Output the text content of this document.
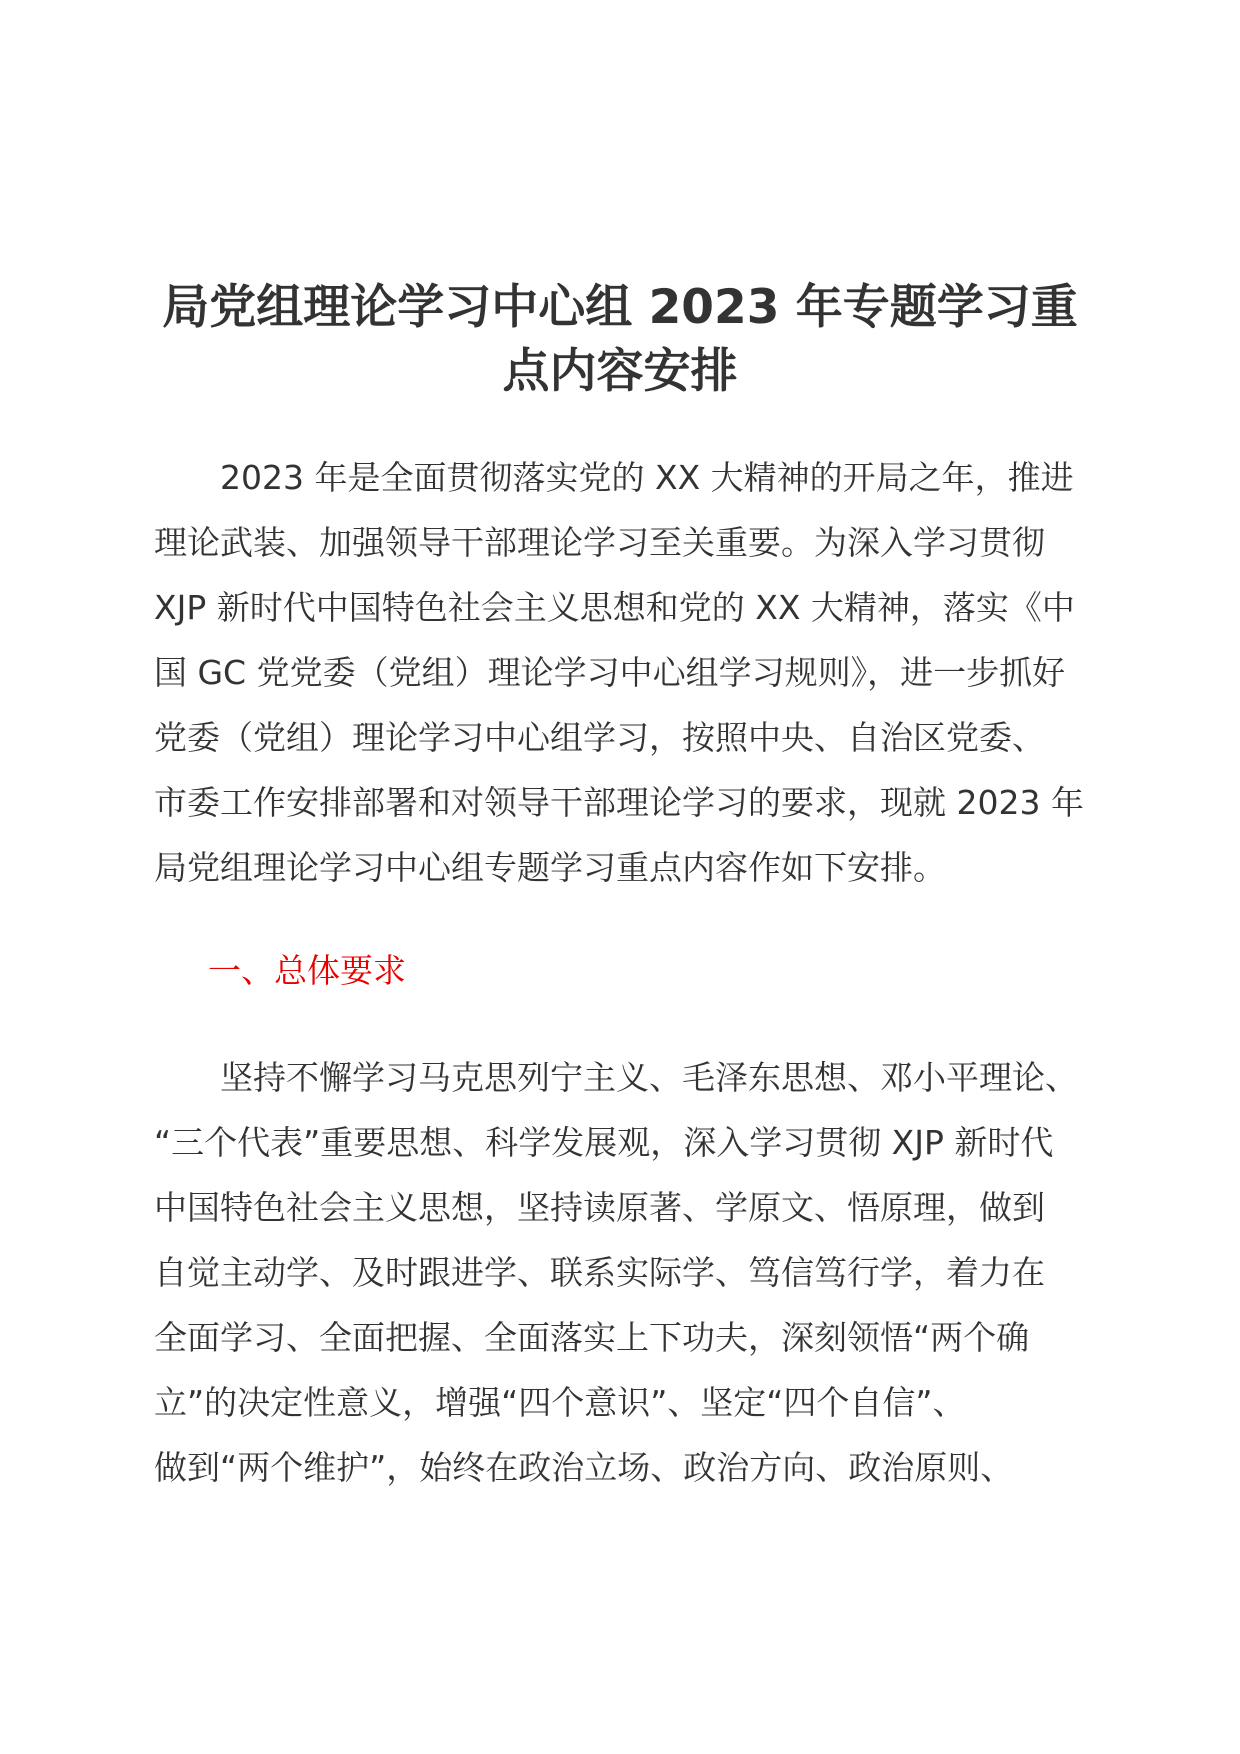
局党组理论学习中心组 2023 年专题学习重
点内容安排
　　2023 年是全面贯彻落实党的 XX 大精神的开局之年，推进
理论武装、加强领导干部理论学习至关重要。为深入学习贯彻
XJP 新时代中国特色社会主义思想和党的 XX 大精神，落实《中
国 GC 党党委（党组）理论学习中心组学习规则》，进一步抓好
党委（党组）理论学习中心组学习，按照中央、自治区党委、
市委工作安排部署和对领导干部理论学习的要求，现就 2023 年
局党组理论学习中心组专题学习重点内容作如下安排。
一、总体要求
　　坚持不懈学习马克思列宁主义、毛泽东思想、邓小平理论、
“三个代表”重要思想、科学发展观，深入学习贯彻 XJP 新时代
中国特色社会主义思想，坚持读原著、学原文、悟原理，做到
自觉主动学、及时跟进学、联系实际学、笃信笃行学，着力在
全面学习、全面把握、全面落实上下功夫，深刻领悟“两个确
立”的决定性意义，增强“四个意识”、坚定“四个自信”、
做到“两个维护”，始终在政治立场、政治方向、政治原则、
